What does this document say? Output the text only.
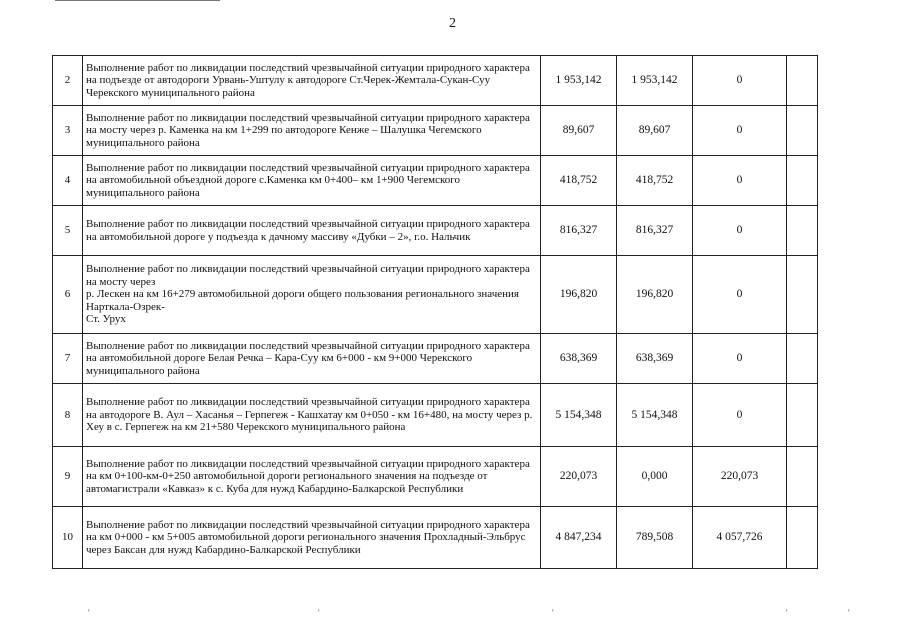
2
2	Выполнение работ по ликвидации последствий чрезвычайной ситуации природного характера на подъезде от автодороги Урвань-Уштулу к автодороге Ст.Черек-Жемтала-Сукан-Суу Черекского муниципального района	1 953,142	1 953,142	0	
3	Выполнение работ по ликвидации последствий чрезвычайной ситуации природного характера на мосту через р. Каменка на км 1+299 по автодороге Кенже – Шалушка Чегемского муниципального района	89,607	89,607	0	
4	Выполнение работ по ликвидации последствий чрезвычайной ситуации природного характера на автомобильной объездной дороге с.Каменка км 0+400– км 1+900 Чегемского муниципального района	418,752	418,752	0	
5	Выполнение работ по ликвидации последствий чрезвычайной ситуации природного характера на автомобильной дороге у подъезда к дачному массиву «Дубки – 2», г.о. Нальчик	816,327	816,327	0	
6	Выполнение работ по ликвидации последствий чрезвычайной ситуации природного характера на мосту через
р. Лескен на км 16+279 автомобильной дороги общего пользования регионального значения Нарткала-Озрек-
Ст. Урух	196,820	196,820	0	
7	Выполнение работ по ликвидации последствий чрезвычайной ситуации природного характера на автомобильной дороге Белая Речка – Кара-Суу км 6+000 - км 9+000 Черекского муниципального района	638,369	638,369	0	
8	Выполнение работ по ликвидации последствий чрезвычайной ситуации природного характера на автодороге В. Аул – Хасанья – Герпегеж - Кашхатау км 0+050 - км 16+480, на мосту через р. Хеу в с. Герпегеж на км 21+580 Черекского муниципального района	5 154,348	5 154,348	0	
9	Выполнение работ по ликвидации последствий чрезвычайной ситуации природного характера на км 0+100-км-0+250 автомобильной дороги регионального значения на подъезде от автомагистрали «Кавказ» к с. Куба для нужд Кабардино-Балкарской Республики	220,073	0,000	220,073	
10	Выполнение работ по ликвидации последствий чрезвычайной ситуации природного характера на км 0+000 - км 5+005 автомобильной дороги регионального значения Прохладный-Эльбрус через Баксан для нужд Кабардино-Балкарской Республики	4 847,234	789,508	4 057,726	
'	'	'	'	'
